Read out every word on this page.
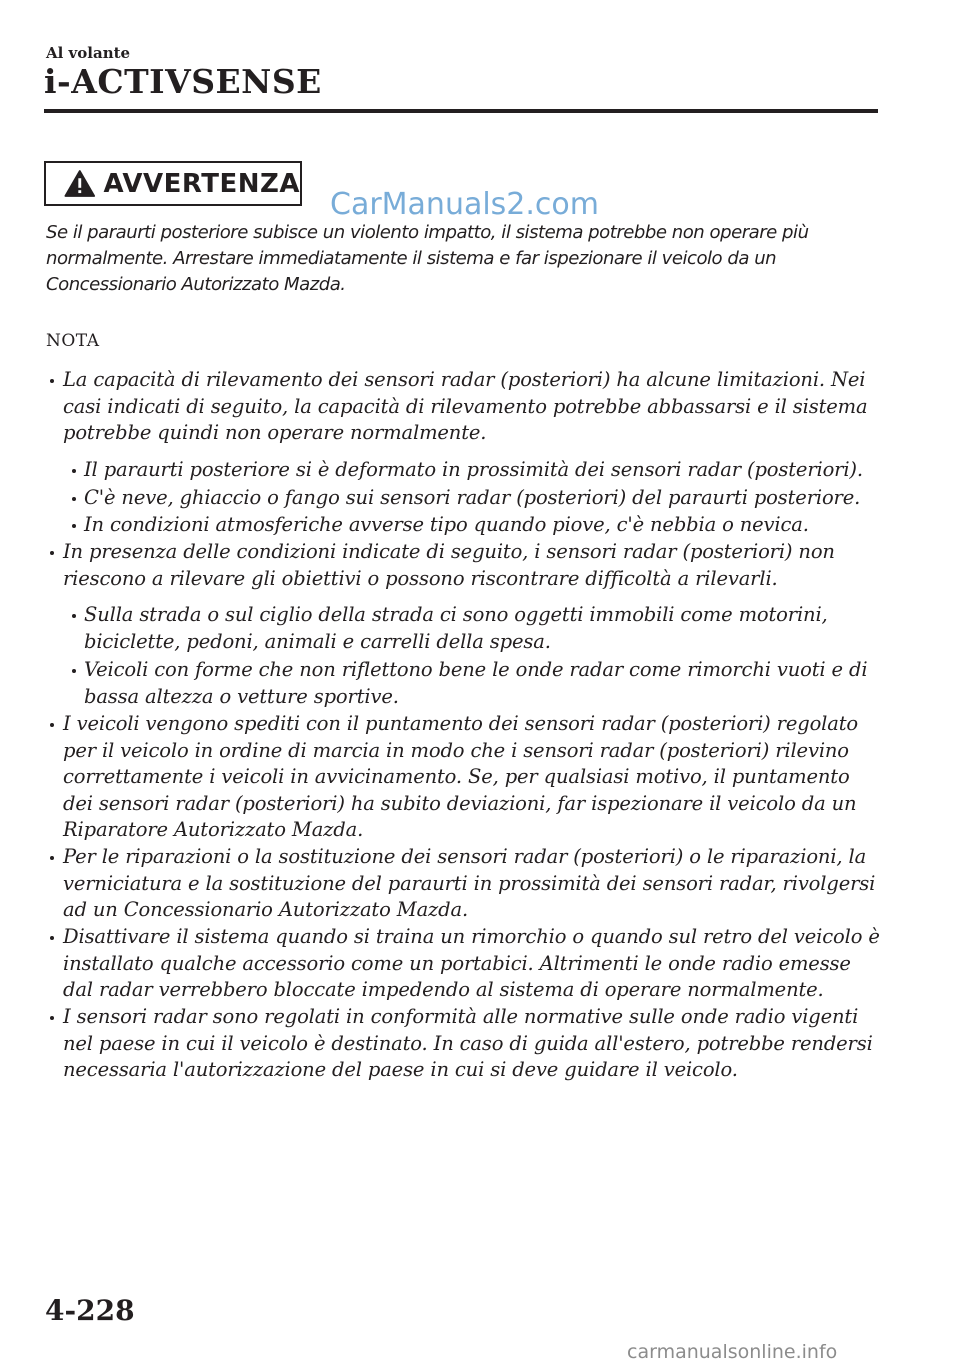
Al volante
i-ACTIVSENSE
AVVERTENZA
CarManuals2.com
Se il paraurti posteriore subisce un violento impatto, il sistema potrebbe non operare più normalmente. Arrestare immediatamente il sistema e far ispezionare il veicolo da un Concessionario Autorizzato Mazda.
NOTA
La capacità di rilevamento dei sensori radar (posteriori) ha alcune limitazioni. Nei casi indicati di seguito, la capacità di rilevamento potrebbe abbassarsi e il sistema potrebbe quindi non operare normalmente.
Il paraurti posteriore si è deformato in prossimità dei sensori radar (posteriori).
C'è neve, ghiaccio o fango sui sensori radar (posteriori) del paraurti posteriore.
In condizioni atmosferiche avverse tipo quando piove, c'è nebbia o nevica.
In presenza delle condizioni indicate di seguito, i sensori radar (posteriori) non riescono a rilevare gli obiettivi o possono riscontrare difficoltà a rilevarli.
Sulla strada o sul ciglio della strada ci sono oggetti immobili come motorini, biciclette, pedoni, animali e carrelli della spesa.
Veicoli con forme che non riflettono bene le onde radar come rimorchi vuoti e di bassa altezza o vetture sportive.
I veicoli vengono spediti con il puntamento dei sensori radar (posteriori) regolato per il veicolo in ordine di marcia in modo che i sensori radar (posteriori) rilevino correttamente i veicoli in avvicinamento. Se, per qualsiasi motivo, il puntamento dei sensori radar (posteriori) ha subito deviazioni, far ispezionare il veicolo da un Riparatore Autorizzato Mazda.
Per le riparazioni o la sostituzione dei sensori radar (posteriori) o le riparazioni, la verniciatura e la sostituzione del paraurti in prossimità dei sensori radar, rivolgersi ad un Concessionario Autorizzato Mazda.
Disattivare il sistema quando si traina un rimorchio o quando sul retro del veicolo è installato qualche accessorio come un portabici. Altrimenti le onde radio emesse dal radar verrebbero bloccate impedendo al sistema di operare normalmente.
I sensori radar sono regolati in conformità alle normative sulle onde radio vigenti nel paese in cui il veicolo è destinato. In caso di guida all'estero, potrebbe rendersi necessaria l'autorizzazione del paese in cui si deve guidare il veicolo.
4-228
carmanualsonline.info
